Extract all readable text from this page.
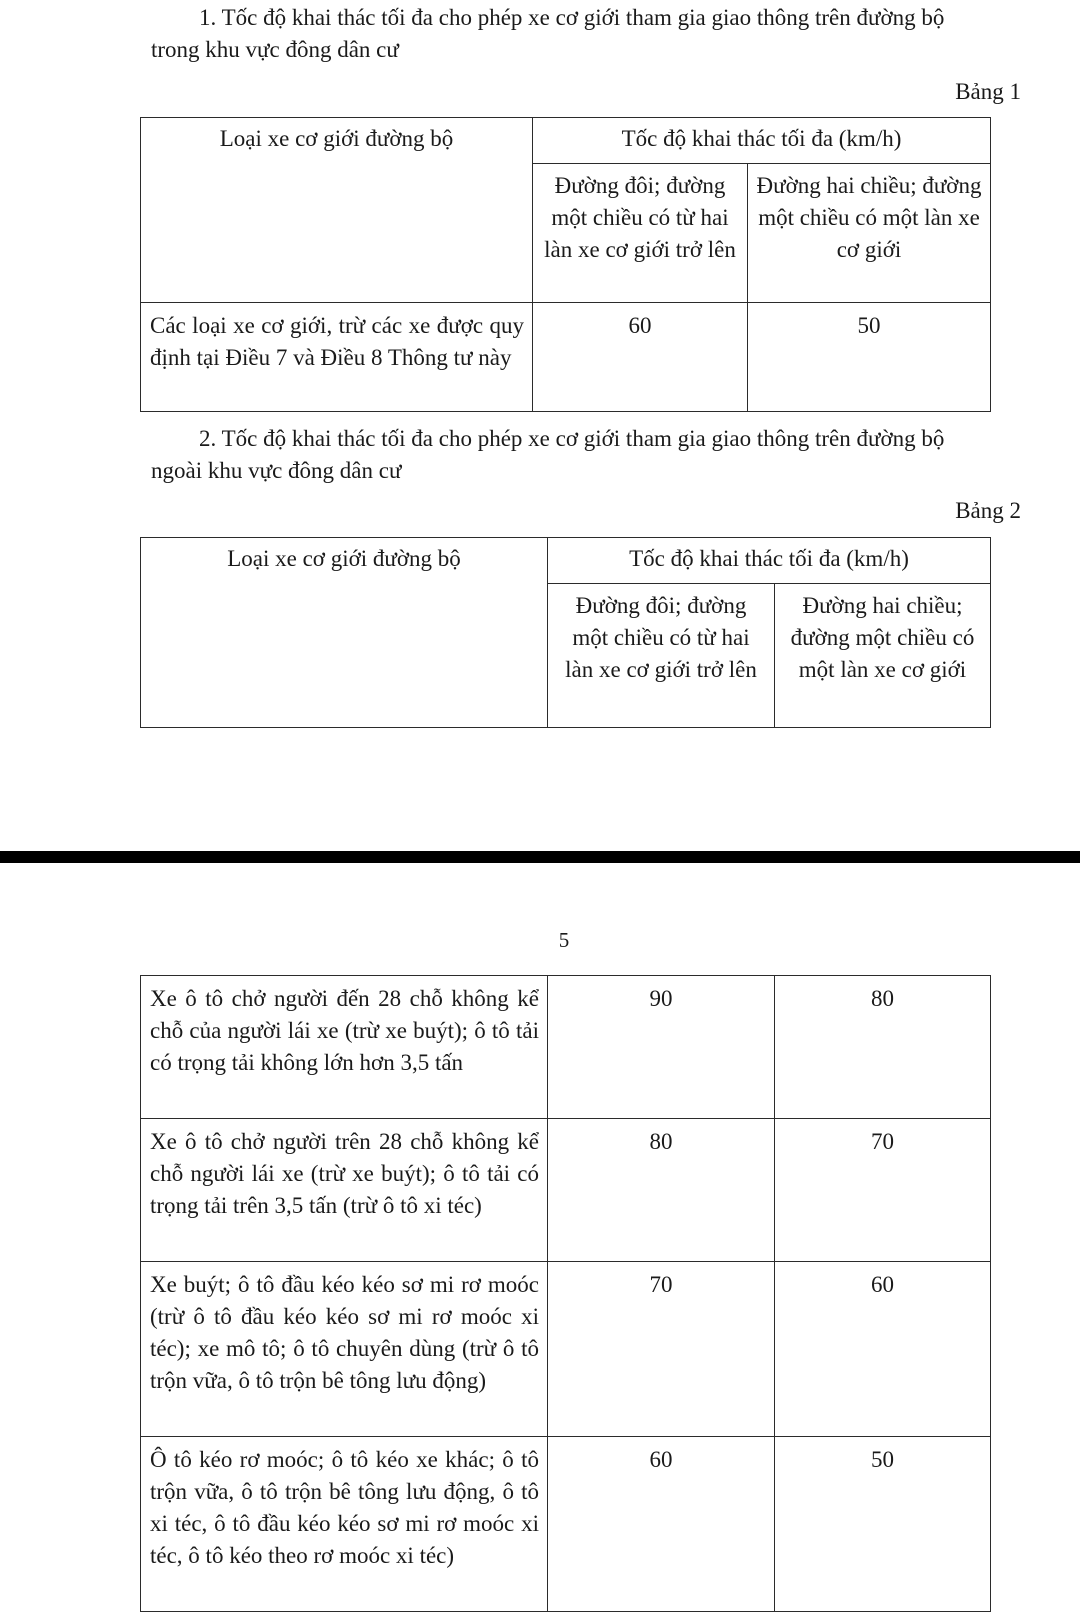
1. Tốc độ khai thác tối đa cho phép xe cơ giới tham gia giao thông trên đường bộ trong khu vực đông dân cư

Bảng 1
Loại xe cơ giới đường bộ	Tốc độ khai thác tối đa (km/h)	
	Đường đôi; đường một chiều có từ hai làn xe cơ giới trở lên	Đường hai chiều; đường một chiều có một làn xe cơ giới
Các loại xe cơ giới, trừ các xe được quy định tại Điều 7 và Điều 8 Thông tư này	60	50

2. Tốc độ khai thác tối đa cho phép xe cơ giới tham gia giao thông trên đường bộ ngoài khu vực đông dân cư

Bảng 2
Loại xe cơ giới đường bộ	Tốc độ khai thác tối đa (km/h)	
	Đường đôi; đường một chiều có từ hai làn xe cơ giới trở lên	Đường hai chiều; đường một chiều có một làn xe cơ giới
5
Xe ô tô chở người đến 28 chỗ không kể chỗ của người lái xe (trừ xe buýt); ô tô tải có trọng tải không lớn hơn 3,5 tấn	90	80
Xe ô tô chở người trên 28 chỗ không kể chỗ người lái xe (trừ xe buýt); ô tô tải có trọng tải trên 3,5 tấn (trừ ô tô xi téc)	80	70
Xe buýt; ô tô đầu kéo kéo sơ mi rơ moóc (trừ ô tô đầu kéo kéo sơ mi rơ moóc xi téc); xe mô tô; ô tô chuyên dùng (trừ ô tô trộn vữa, ô tô trộn bê tông lưu động)	70	60
Ô tô kéo rơ moóc; ô tô kéo xe khác; ô tô trộn vữa, ô tô trộn bê tông lưu động, ô tô xi téc, ô tô đầu kéo kéo sơ mi rơ moóc xi téc, ô tô kéo theo rơ moóc xi téc)	60	50
